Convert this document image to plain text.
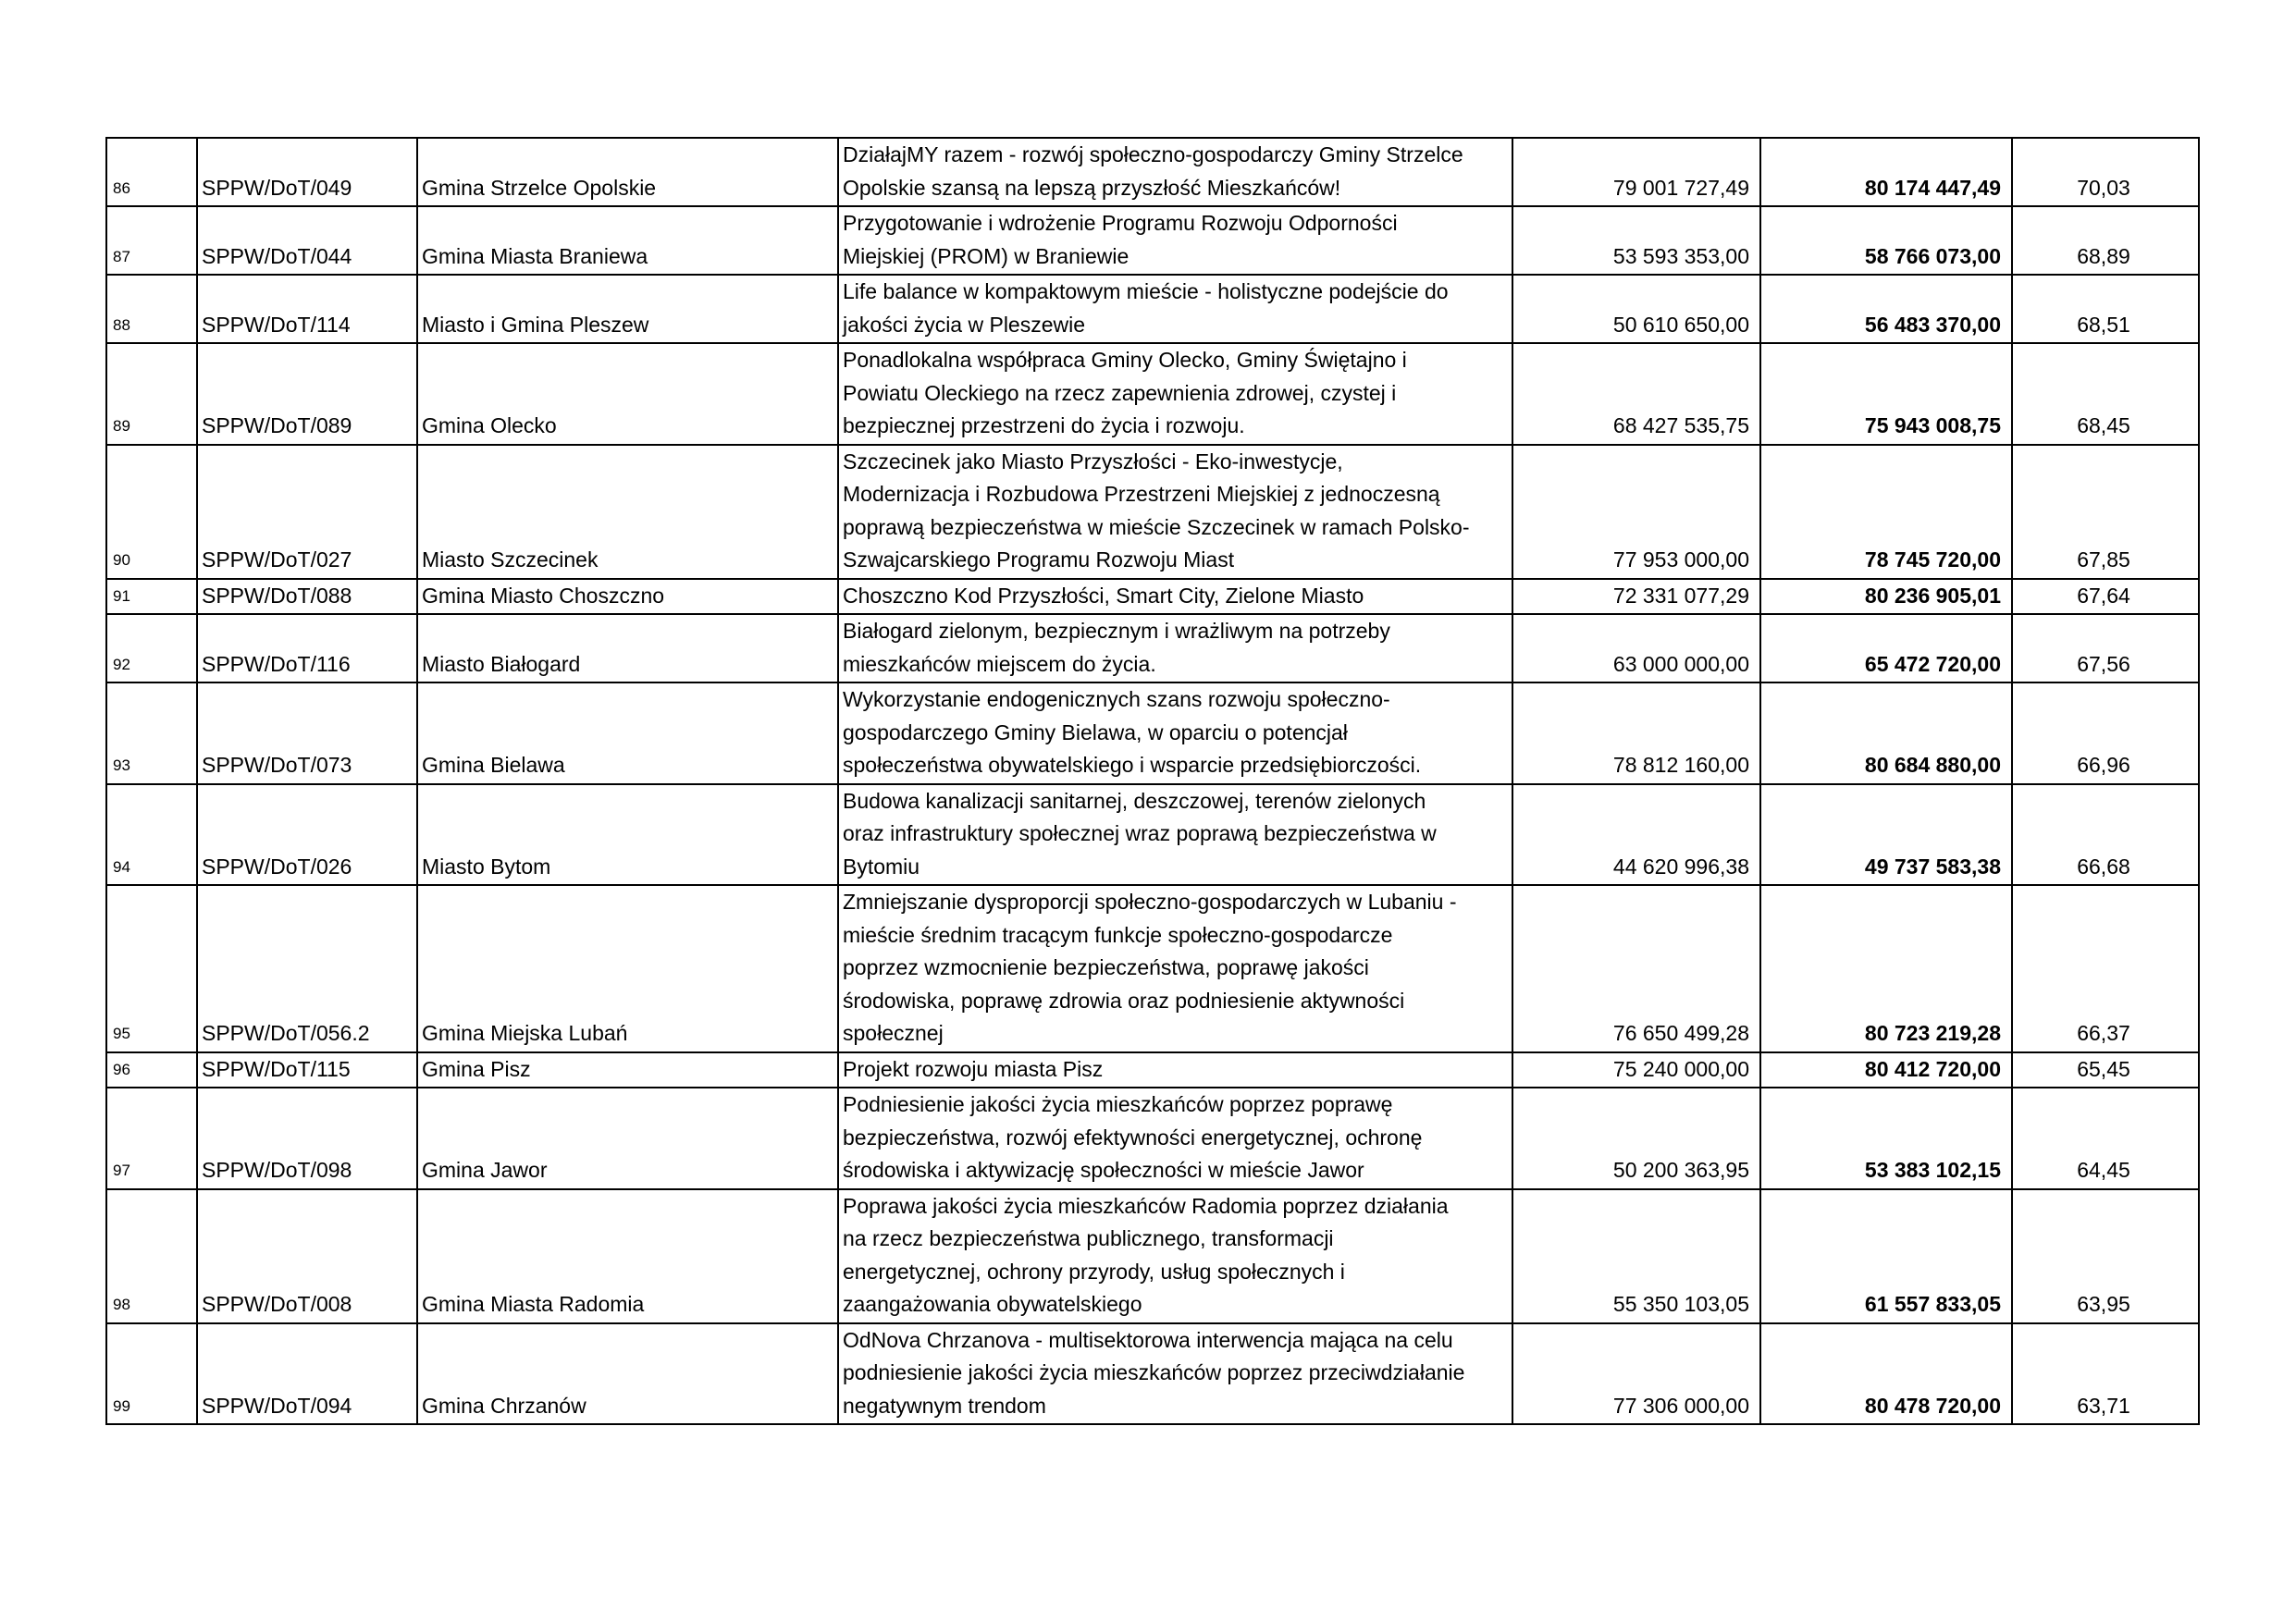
86	SPPW/DoT/049	Gmina Strzelce Opolskie	DziałajMY razem - rozwój społeczno-gospodarczy Gminy Strzelce
Opolskie szansą na lepszą przyszłość Mieszkańców!	79 001 727,49	80 174 447,49	70,03
87	SPPW/DoT/044	Gmina Miasta Braniewa	Przygotowanie i wdrożenie Programu Rozwoju Odporności
Miejskiej (PROM) w Braniewie	53 593 353,00	58 766 073,00	68,89
88	SPPW/DoT/114	Miasto i Gmina Pleszew	Life balance w kompaktowym mieście - holistyczne podejście do
jakości życia w Pleszewie	50 610 650,00	56 483 370,00	68,51
89	SPPW/DoT/089	Gmina Olecko	Ponadlokalna współpraca Gminy Olecko, Gminy Świętajno i
Powiatu Oleckiego na rzecz zapewnienia zdrowej, czystej i
bezpiecznej przestrzeni do życia i rozwoju.	68 427 535,75	75 943 008,75	68,45
90	SPPW/DoT/027	Miasto Szczecinek	Szczecinek jako Miasto Przyszłości - Eko-inwestycje,
Modernizacja i Rozbudowa Przestrzeni Miejskiej z jednoczesną
poprawą bezpieczeństwa w mieście Szczecinek w ramach Polsko-
Szwajcarskiego Programu Rozwoju Miast	77 953 000,00	78 745 720,00	67,85
91	SPPW/DoT/088	Gmina Miasto Choszczno	Choszczno Kod Przyszłości, Smart City, Zielone Miasto	72 331 077,29	80 236 905,01	67,64
92	SPPW/DoT/116	Miasto Białogard	Białogard zielonym, bezpiecznym i wrażliwym na potrzeby
mieszkańców miejscem do życia.	63 000 000,00	65 472 720,00	67,56
93	SPPW/DoT/073	Gmina Bielawa	Wykorzystanie endogenicznych szans rozwoju społeczno-
gospodarczego Gminy Bielawa, w oparciu o potencjał
społeczeństwa obywatelskiego i wsparcie przedsiębiorczości.	78 812 160,00	80 684 880,00	66,96
94	SPPW/DoT/026	Miasto Bytom	Budowa kanalizacji sanitarnej, deszczowej, terenów zielonych
oraz infrastruktury społecznej wraz poprawą bezpieczeństwa w
Bytomiu	44 620 996,38	49 737 583,38	66,68
95	SPPW/DoT/056.2	Gmina Miejska Lubań	Zmniejszanie dysproporcji społeczno-gospodarczych w Lubaniu -
mieście średnim tracącym funkcje społeczno-gospodarcze
poprzez wzmocnienie bezpieczeństwa, poprawę jakości
środowiska, poprawę zdrowia oraz podniesienie aktywności
społecznej	76 650 499,28	80 723 219,28	66,37
96	SPPW/DoT/115	Gmina Pisz	Projekt rozwoju miasta Pisz	75 240 000,00	80 412 720,00	65,45
97	SPPW/DoT/098	Gmina Jawor	Podniesienie jakości życia mieszkańców poprzez poprawę
bezpieczeństwa, rozwój efektywności energetycznej, ochronę
środowiska i aktywizację społeczności w mieście Jawor	50 200 363,95	53 383 102,15	64,45
98	SPPW/DoT/008	Gmina Miasta Radomia	Poprawa jakości życia mieszkańców Radomia poprzez działania
na rzecz bezpieczeństwa publicznego, transformacji
energetycznej, ochrony przyrody, usług społecznych i
zaangażowania obywatelskiego	55 350 103,05	61 557 833,05	63,95
99	SPPW/DoT/094	Gmina Chrzanów	OdNova Chrzanova - multisektorowa interwencja mająca na celu
podniesienie jakości życia mieszkańców poprzez przeciwdziałanie
negatywnym trendom	77 306 000,00	80 478 720,00	63,71
